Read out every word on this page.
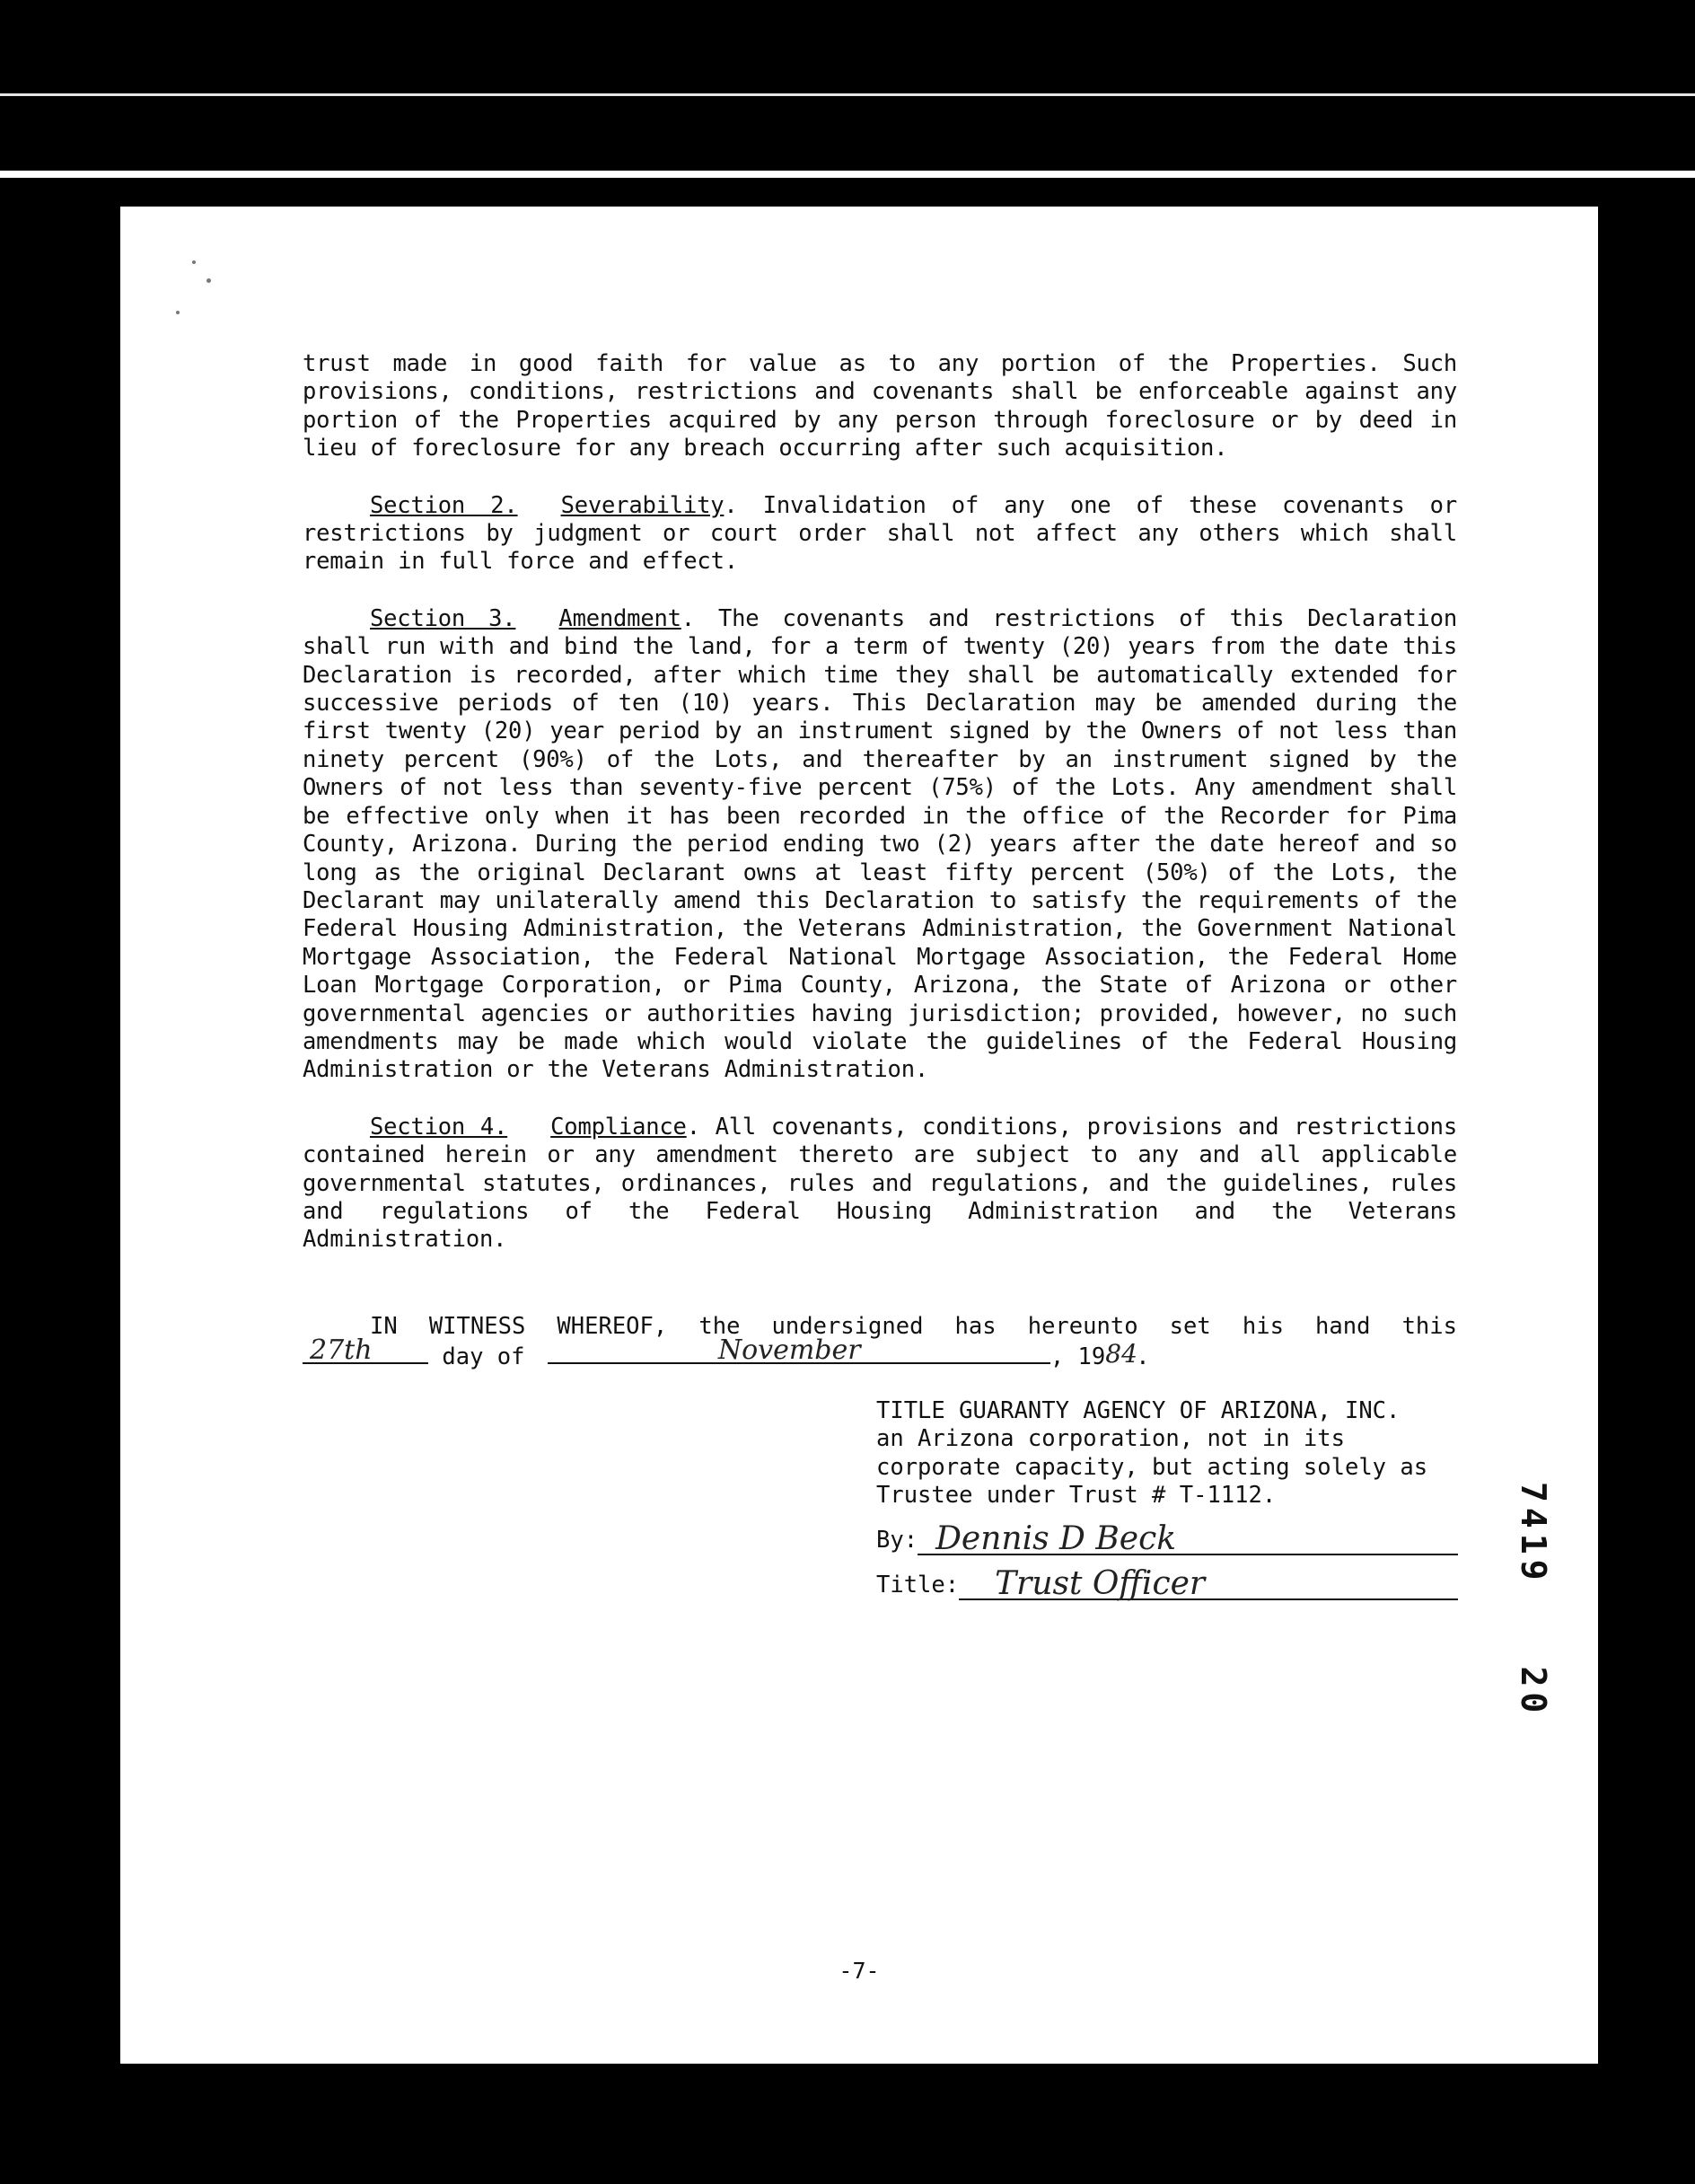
trust made in good faith for value as to any portion of the Properties. Such provisions, conditions, restrictions and covenants shall be enforceable against any portion of the Properties acquired by any person through foreclosure or by deed in lieu of foreclosure for any breach occurring after such acquisition.

Section 2. Severability. Invalidation of any one of these covenants or restrictions by judgment or court order shall not affect any others which shall remain in full force and effect.

Section 3. Amendment. The covenants and restrictions of this Declaration shall run with and bind the land, for a term of twenty (20) years from the date this Declaration is recorded, after which time they shall be automatically extended for successive periods of ten (10) years. This Declaration may be amended during the first twenty (20) year period by an instrument signed by the Owners of not less than ninety percent (90%) of the Lots, and thereafter by an instrument signed by the Owners of not less than seventy-five percent (75%) of the Lots. Any amendment shall be effective only when it has been recorded in the office of the Recorder for Pima County, Arizona. During the period ending two (2) years after the date hereof and so long as the original Declarant owns at least fifty percent (50%) of the Lots, the Declarant may unilaterally amend this Declaration to satisfy the requirements of the Federal Housing Administration, the Veterans Administration, the Government National Mortgage Association, the Federal National Mortgage Association, the Federal Home Loan Mortgage Corporation, or Pima County, Arizona, the State of Arizona or other governmental agencies or authorities having jurisdiction; provided, however, no such amendments may be made which would violate the guidelines of the Federal Housing Administration or the Veterans Administration.

Section 4. Compliance. All covenants, conditions, provisions and restrictions contained herein or any amendment thereto are subject to any and all applicable governmental statutes, ordinances, rules and regulations, and the guidelines, rules and regulations of the Federal Housing Administration and the Veterans Administration.

IN WITNESS WHEREOF, the undersigned has hereunto set his hand this
27th	day of	November	, 19 84
.
TITLE GUARANTY AGENCY OF ARIZONA, INC.
an Arizona corporation, not in its
corporate capacity, but acting solely as
Trustee under Trust # T-1112.
By: Dennis D Beck
Title: Trust Officer
-7-
741920
